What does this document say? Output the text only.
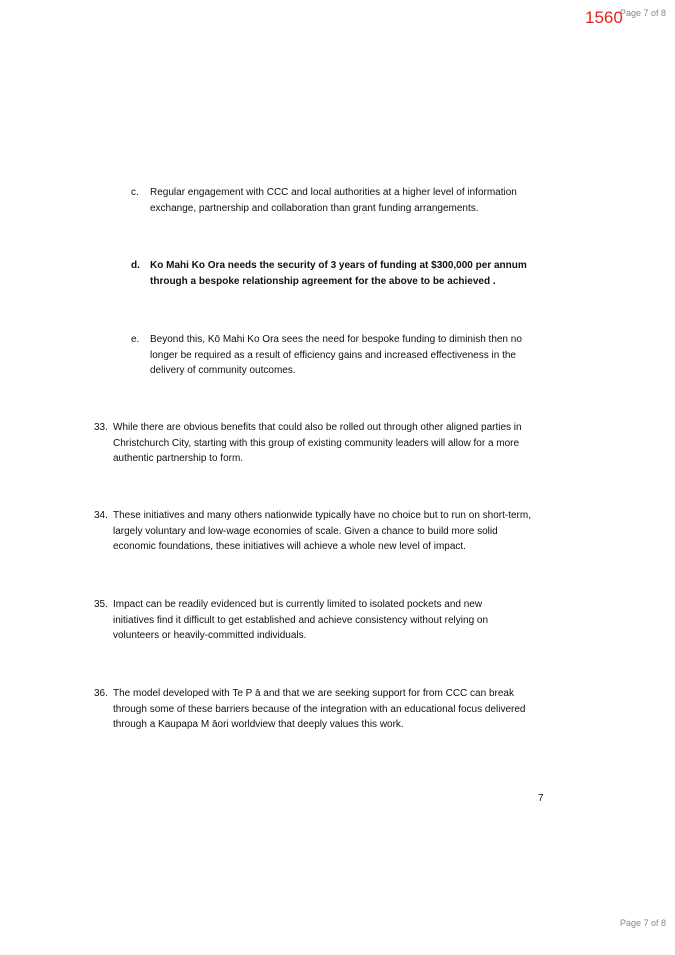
1560
Page 7 of 8
c. Regular engagement with CCC and local authorities at a higher level of information exchange, partnership and collaboration than grant funding arrangements.
d. Ko Mahi Ko Ora needs the security of 3 years of funding at $300,000 per annum through a bespoke relationship agreement for the above to be achieved .
e. Beyond this, Kō Mahi Ko Ora sees the need for bespoke funding to diminish then no longer be required as a result of efficiency gains and increased effectiveness in the delivery of community outcomes.
33. While there are obvious benefits that could also be rolled out through other aligned parties in Christchurch City, starting with this group of existing community leaders will allow for a more authentic partnership to form.
34. These initiatives and many others nationwide typically have no choice but to run on short-term, largely voluntary and low-wage economies of scale. Given a chance to build more solid economic foundations, these initiatives will achieve a whole new level of impact.
35. Impact can be readily evidenced but is currently limited to isolated pockets and new initiatives find it difficult to get established and achieve consistency without relying on volunteers or heavily-committed individuals.
36. The model developed with Te P ā and that we are seeking support for from CCC can break through some of these barriers because of the integration with an educational focus delivered through a Kaupapa M āori worldview that deeply values this work.
7
Page 7 of 8
